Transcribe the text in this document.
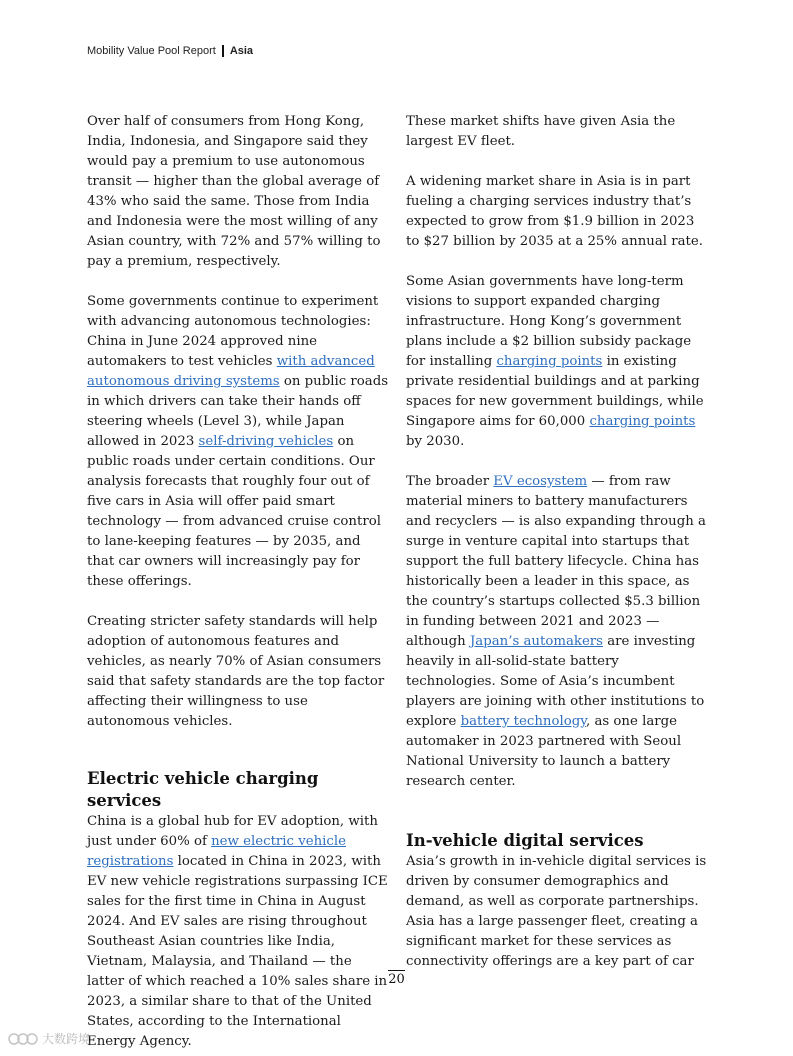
Mobility Value Pool Report Asia

Over half of consumers from Hong Kong, India, Indonesia, and Singapore said they would pay a premium to use autonomous transit — higher than the global average of 43% who said the same. Those from India and Indonesia were the most willing of any Asian country, with 72% and 57% willing to pay a premium, respectively.

Some governments continue to experiment with advancing autonomous technologies: China in June 2024 approved nine automakers to test vehicles with advanced autonomous driving systems on public roads in which drivers can take their hands off steering wheels (Level 3), while Japan allowed in 2023 self-driving vehicles on public roads under certain conditions. Our analysis forecasts that roughly four out of five cars in Asia will offer paid smart technology — from advanced cruise control to lane-keeping features — by 2035, and that car owners will increasingly pay for these offerings.

Creating stricter safety standards will help adoption of autonomous features and vehicles, as nearly 70% of Asian consumers said that safety standards are the top factor affecting their willingness to use autonomous vehicles.

Electric vehicle charging services

China is a global hub for EV adoption, with just under 60% of new electric vehicle registrations located in China in 2023, with EV new vehicle registrations surpassing ICE sales for the first time in China in August 2024. And EV sales are rising throughout Southeast Asian countries like India, Vietnam, Malaysia, and Thailand — the latter of which reached a 10% sales share in 2023, a similar share to that of the United States, according to the International Energy Agency.

These market shifts have given Asia the largest EV fleet.

A widening market share in Asia is in part fueling a charging services industry that’s expected to grow from $1.9 billion in 2023 to $27 billion by 2035 at a 25% annual rate.

Some Asian governments have long-term visions to support expanded charging infrastructure. Hong Kong’s government plans include a $2 billion subsidy package for installing charging points in existing private residential buildings and at parking spaces for new government buildings, while Singapore aims for 60,000 charging points by 2030.

The broader EV ecosystem — from raw material miners to battery manufacturers and recyclers — is also expanding through a surge in venture capital into startups that support the full battery lifecycle. China has historically been a leader in this space, as the country’s startups collected $5.3 billion in funding between 2021 and 2023 — although Japan’s automakers are investing heavily in all-solid-state battery technologies. Some of Asia’s incumbent players are joining with other institutions to explore battery technology, as one large automaker in 2023 partnered with Seoul National University to launch a battery research center.

In-vehicle digital services

Asia’s growth in in-vehicle digital services is driven by consumer demographics and demand, as well as corporate partnerships. Asia has a large passenger fleet, creating a significant market for these services as connectivity offerings are a key part of car

20
大数跨境
